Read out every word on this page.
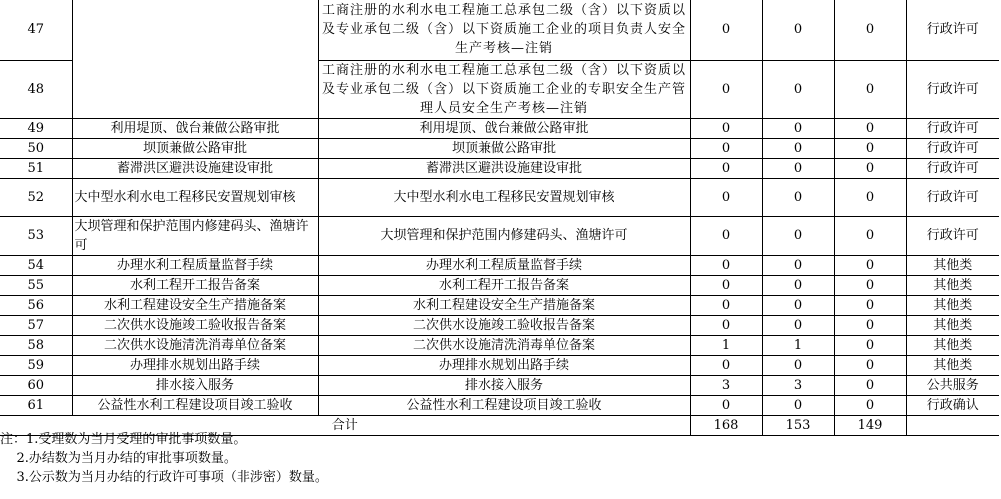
47		工商注册的水利水电工程施工总承包二级（含）以下资质以及专业承包二级（含）以下资质施工企业的项目负责人安全生产考核—注销	0	0	0	行政许可
48		工商注册的水利水电工程施工总承包二级（含）以下资质以及专业承包二级（含）以下资质施工企业的专职安全生产管理人员安全生产考核—注销	0	0	0	行政许可
49	利用堤顶、戗台兼做公路审批	利用堤顶、戗台兼做公路审批	0	0	0	行政许可
50	坝顶兼做公路审批	坝顶兼做公路审批	0	0	0	行政许可
51	蓄滞洪区避洪设施建设审批	蓄滞洪区避洪设施建设审批	0	0	0	行政许可
52	大中型水利水电工程移民安置规划审核	大中型水利水电工程移民安置规划审核	0	0	0	行政许可
53	大坝管理和保护范围内修建码头、渔塘许可	大坝管理和保护范围内修建码头、渔塘许可	0	0	0	行政许可
54	办理水利工程质量监督手续	办理水利工程质量监督手续	0	0	0	其他类
55	水利工程开工报告备案	水利工程开工报告备案	0	0	0	其他类
56	水利工程建设安全生产措施备案	水利工程建设安全生产措施备案	0	0	0	其他类
57	二次供水设施竣工验收报告备案	二次供水设施竣工验收报告备案	0	0	0	其他类
58	二次供水设施清洗消毒单位备案	二次供水设施清洗消毒单位备案	1	1	0	其他类
59	办理排水规划出路手续	办理排水规划出路手续	0	0	0	其他类
60	排水接入服务	排水接入服务	3	3	0	公共服务
61	公益性水利工程建设项目竣工验收	公益性水利工程建设项目竣工验收	0	0	0	行政确认
合计			168	153	149	
注：1.受理数为当月受理的审批事项数量。
2.办结数为当月办结的审批事项数量。
3.公示数为当月办结的行政许可事项（非涉密）数量。
